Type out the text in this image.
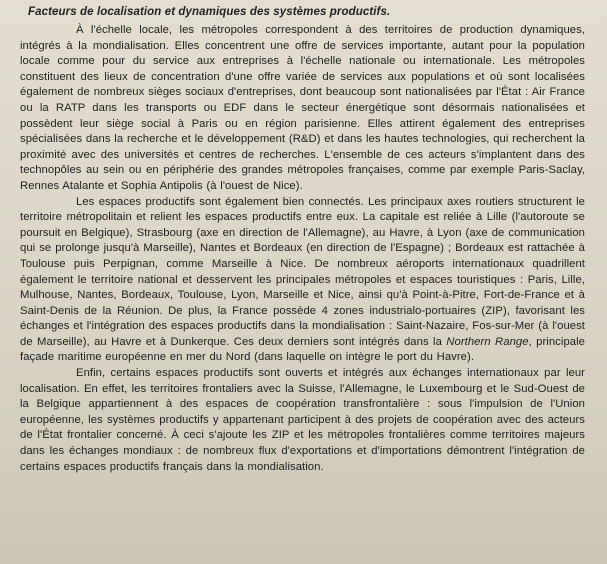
Facteurs de localisation et dynamiques des systèmes productifs.

À l'échelle locale, les métropoles correspondent à des territoires de production dynamiques, intégrés à la mondialisation. Elles concentrent une offre de services importante, autant pour la population locale comme pour du service aux entreprises à l'échelle nationale ou internationale. Les métropoles constituent des lieux de concentration d'une offre variée de services aux populations et où sont localisées également de nombreux sièges sociaux d'entreprises, dont beaucoup sont nationalisées par l'État : Air France ou la RATP dans les transports ou EDF dans le secteur énergétique sont désormais nationalisées et possèdent leur siège social à Paris ou en région parisienne. Elles attirent également des entreprises spécialisées dans la recherche et le développement (R&D) et dans les hautes technologies, qui recherchent la proximité avec des universités et centres de recherches. L'ensemble de ces acteurs s'implantent dans des technopôles au sein ou en périphérie des grandes métropoles françaises, comme par exemple Paris-Saclay, Rennes Atalante et Sophia Antipolis (à l'ouest de Nice).

Les espaces productifs sont également bien connectés. Les principaux axes routiers structurent le territoire métropolitain et relient les espaces productifs entre eux. La capitale est reliée à Lille (l'autoroute se poursuit en Belgique), Strasbourg (axe en direction de l'Allemagne), au Havre, à Lyon (axe de communication qui se prolonge jusqu'à Marseille), Nantes et Bordeaux (en direction de l'Espagne) ; Bordeaux est rattachée à Toulouse puis Perpignan, comme Marseille à Nice. De nombreux aéroports internationaux quadrillent également le territoire national et desservent les principales métropoles et espaces touristiques : Paris, Lille, Mulhouse, Nantes, Bordeaux, Toulouse, Lyon, Marseille et Nice, ainsi qu'à Point-à-Pitre, Fort-de-France et à Saint-Denis de la Réunion. De plus, la France possède 4 zones industrialo-portuaires (ZIP), favorisant les échanges et l'intégration des espaces productifs dans la mondialisation : Saint-Nazaire, Fos-sur-Mer (à l'ouest de Marseille), au Havre et à Dunkerque. Ces deux derniers sont intégrés dans la Northern Range, principale façade maritime européenne en mer du Nord (dans laquelle on intègre le port du Havre).

Enfin, certains espaces productifs sont ouverts et intégrés aux échanges internationaux par leur localisation. En effet, les territoires frontaliers avec la Suisse, l'Allemagne, le Luxembourg et le Sud-Ouest de la Belgique appartiennent à des espaces de coopération transfrontalière : sous l'impulsion de l'Union européenne, les systèmes productifs y appartenant participent à des projets de coopération avec des acteurs de l'État frontalier concerné. À ceci s'ajoute les ZIP et les métropoles frontalières comme territoires majeurs dans les échanges mondiaux : de nombreux flux d'exportations et d'importations démontrent l'intégration de certains espaces productifs français dans la mondialisation.
